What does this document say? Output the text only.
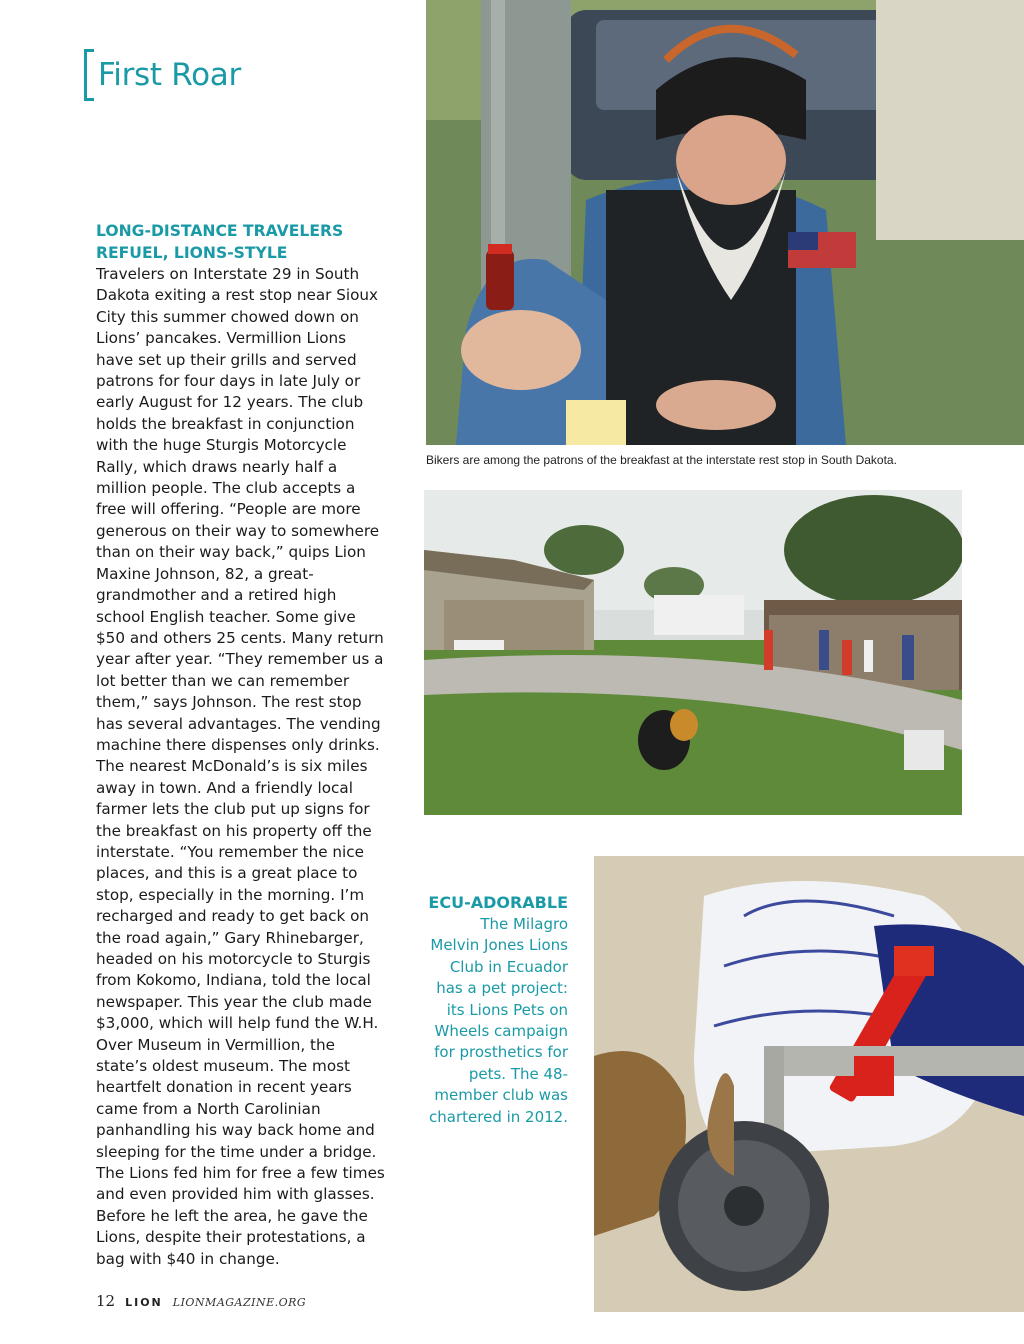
First Roar
LONG-DISTANCE TRAVELERS REFUEL, LIONS-STYLE
Travelers on Interstate 29 in South Dakota exiting a rest stop near Sioux City this summer chowed down on Lions’ pancakes. Vermillion Lions have set up their grills and served patrons for four days in late July or early August for 12 years. The club holds the breakfast in conjunction with the huge Sturgis Motorcycle Rally, which draws nearly half a million people. The club accepts a free will offering. “People are more generous on their way to somewhere than on their way back,” quips Lion Maxine Johnson, 82, a great-grandmother and a retired high school English teacher. Some give $50 and others 25 cents. Many return year after year. “They remember us a lot better than we can remember them,” says Johnson. The rest stop has several advantages. The vending machine there dispenses only drinks. The nearest McDonald’s is six miles away in town. And a friendly local farmer lets the club put up signs for the breakfast on his property off the interstate. “You remember the nice places, and this is a great place to stop, especially in the morning. I’m recharged and ready to get back on the road again,” Gary Rhinebarger, headed on his motorcycle to Sturgis from Kokomo, Indiana, told the local newspaper. This year the club made $3,000, which will help fund the W.H. Over Museum in Vermillion, the state’s oldest museum. The most heartfelt donation in recent years came from a North Carolinian panhandling his way back home and sleeping for the time under a bridge. The Lions fed him for free a few times and even provided him with glasses. Before he left the area, he gave the Lions, despite their protestations, a bag with $40 in change.
Bikers are among the patrons of the breakfast at the interstate rest stop in South Dakota.
ECU-ADORABLE
The Milagro Melvin Jones Lions Club in Ecuador has a pet project: its Lions Pets on Wheels campaign for prosthetics for pets. The 48-member club was chartered in 2012.
12 LION LIONMAGAZINE.ORG
